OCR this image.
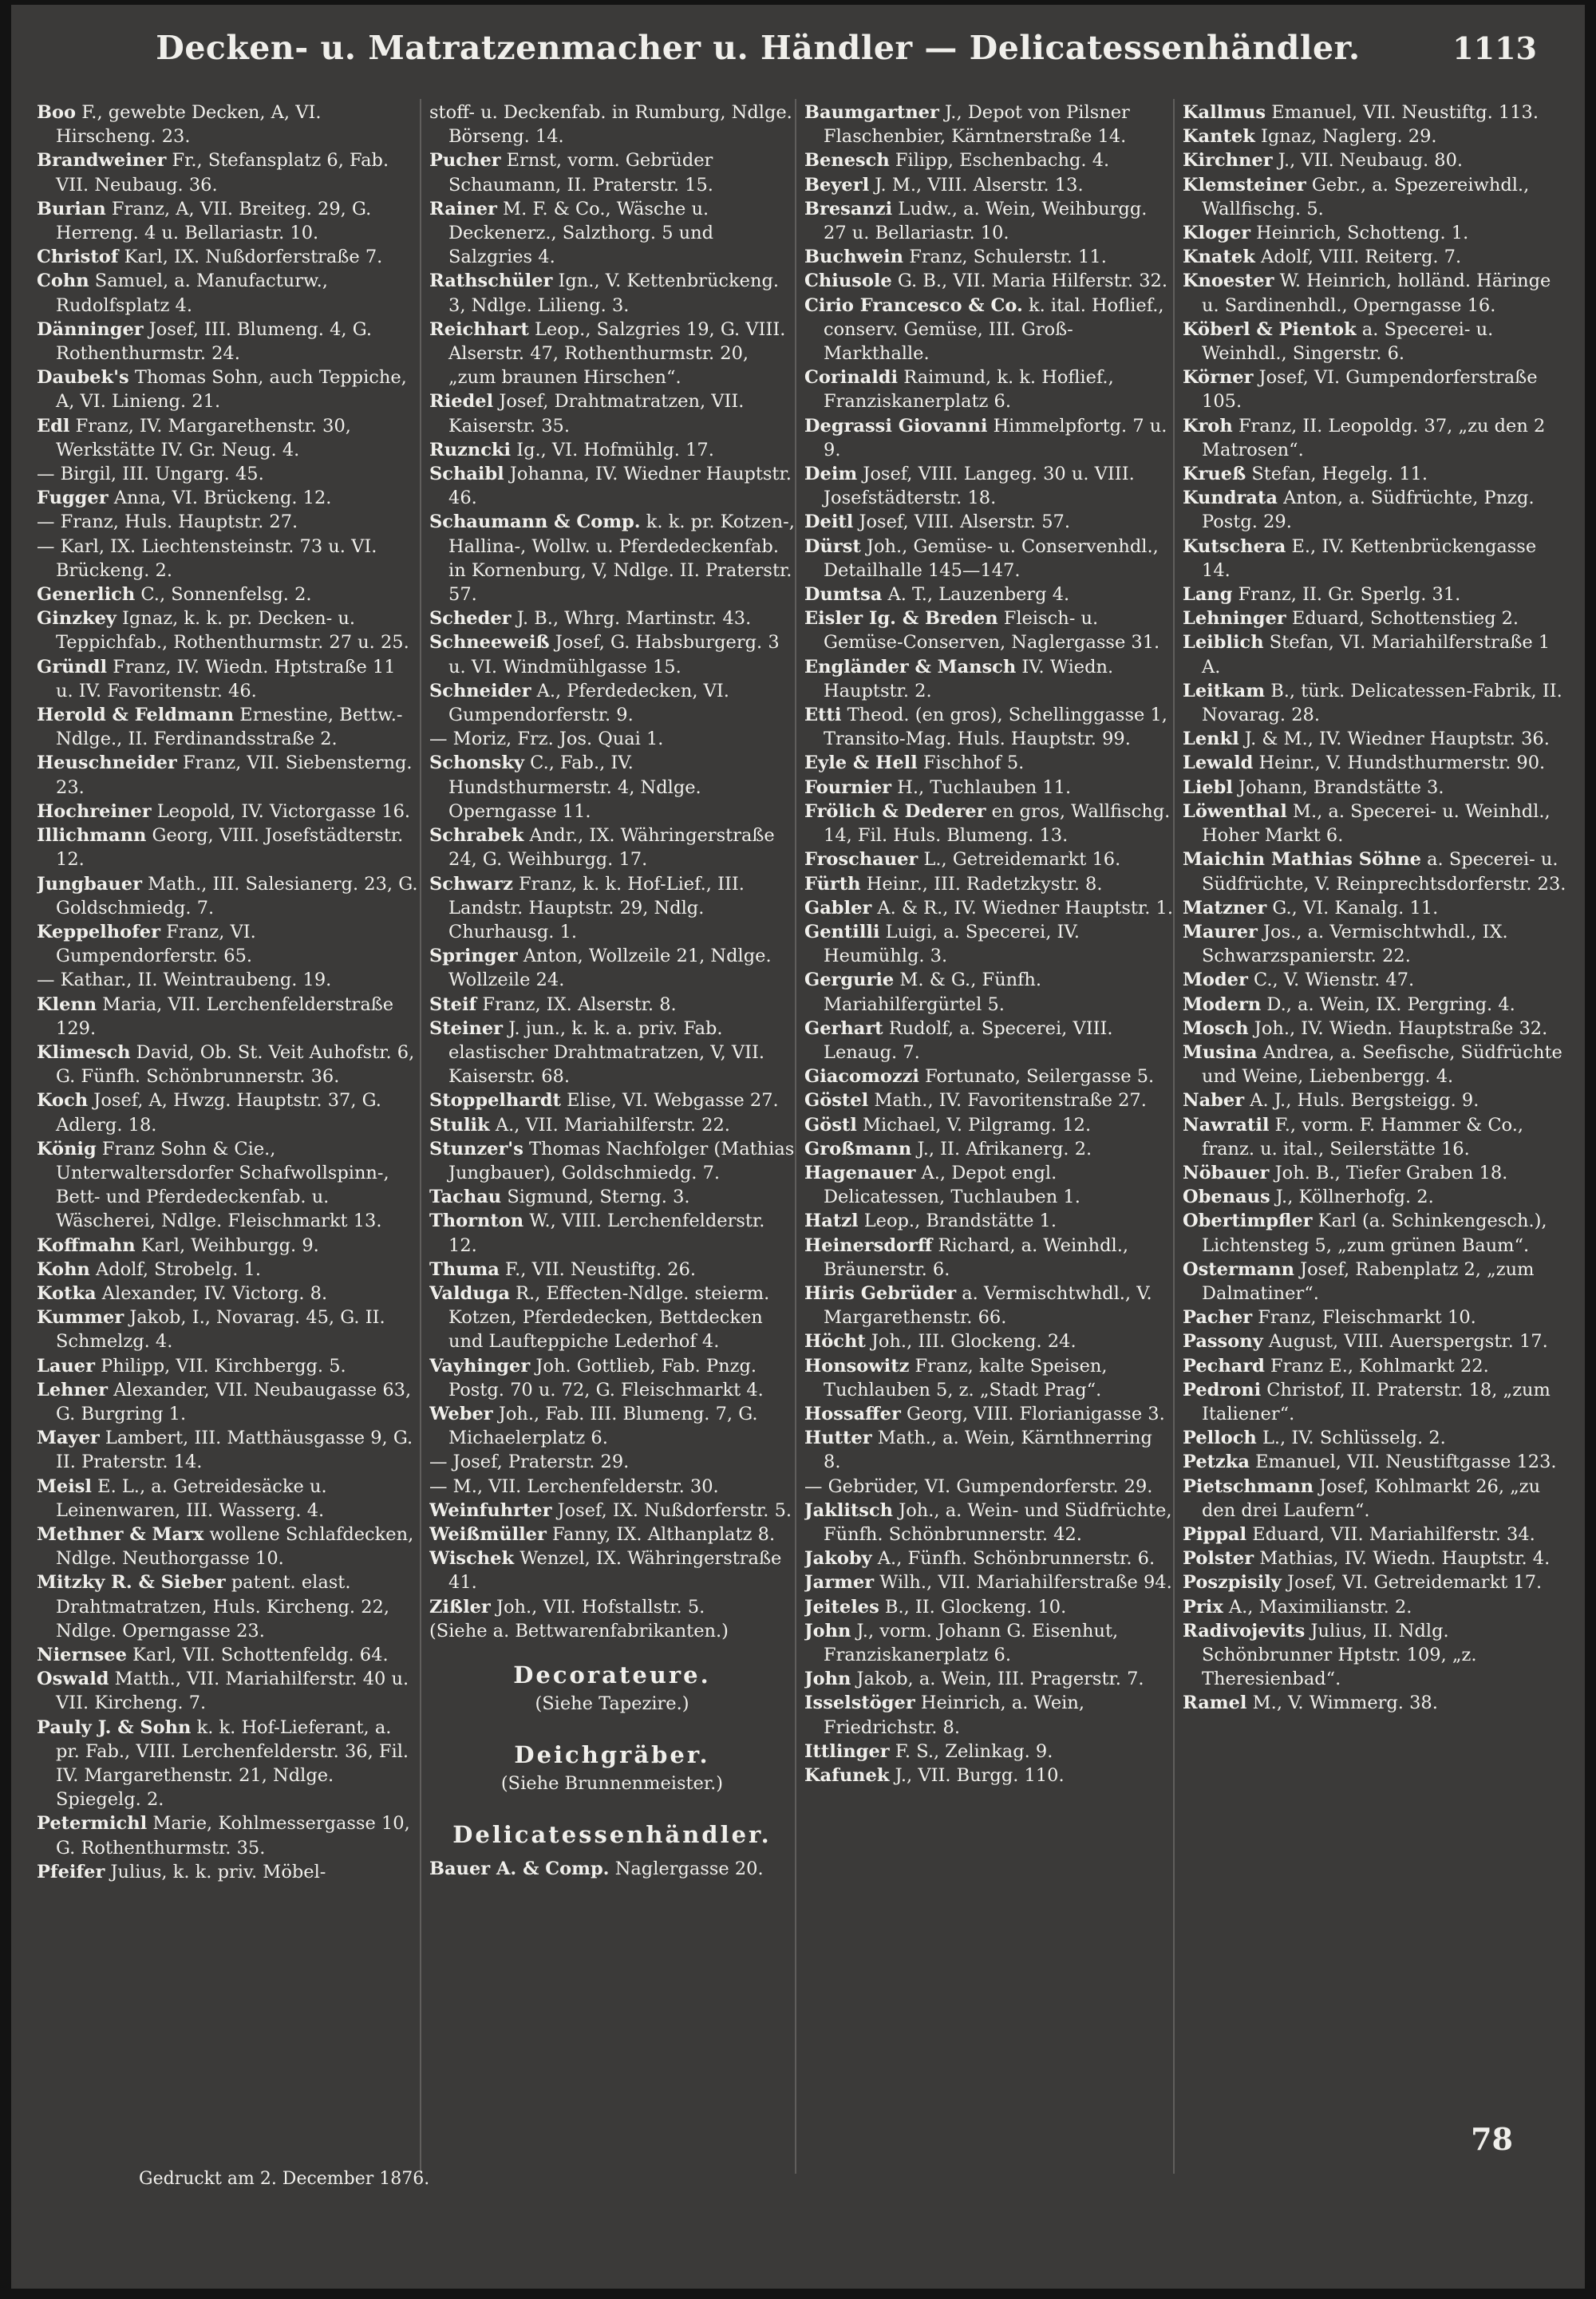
Decken- u. Matratzenmacher u. Händler — Delicatessenhändler.	1113

Boo F., gewebte Decken, A, VI. Hirscheng. 23.

Brandweiner Fr., Stefansplatz 6, Fab. VII. Neubaug. 36.

Burian Franz, A, VII. Breiteg. 29, G. Herreng. 4 u. Bellariastr. 10.

Christof Karl, IX. Nußdorferstraße 7.

Cohn Samuel, a. Manufacturw., Rudolfsplatz 4.

Dänninger Josef, III. Blumeng. 4, G. Rothenthurmstr. 24.

Daubek's Thomas Sohn, auch Teppiche, A, VI. Linieng. 21.

Edl Franz, IV. Margarethenstr. 30, Werkstätte IV. Gr. Neug. 4.

— Birgil, III. Ungarg. 45.

Fugger Anna, VI. Brückeng. 12.

— Franz, Huls. Hauptstr. 27.

— Karl, IX. Liechtensteinstr. 73 u. VI. Brückeng. 2.

Generlich C., Sonnenfelsg. 2.

Ginzkey Ignaz, k. k. pr. Decken- u. Teppichfab., Rothenthurmstr. 27 u. 25.

Gründl Franz, IV. Wiedn. Hptstraße 11 u. IV. Favoritenstr. 46.

Herold & Feldmann Ernestine, Bettw.-Ndlge., II. Ferdinandsstraße 2.

Heuschneider Franz, VII. Siebensterng. 23.

Hochreiner Leopold, IV. Victorgasse 16.

Illichmann Georg, VIII. Josefstädterstr. 12.

Jungbauer Math., III. Salesianerg. 23, G. Goldschmiedg. 7.

Keppelhofer Franz, VI. Gumpendorferstr. 65.

— Kathar., II. Weintraubeng. 19.

Klenn Maria, VII. Lerchenfelderstraße 129.

Klimesch David, Ob. St. Veit Auhofstr. 6, G. Fünfh. Schönbrunnerstr. 36.

Koch Josef, A, Hwzg. Hauptstr. 37, G. Adlerg. 18.

König Franz Sohn & Cie., Unterwaltersdorfer Schafwollspinn-, Bett- und Pferdedeckenfab. u. Wäscherei, Ndlge. Fleischmarkt 13.

Koffmahn Karl, Weihburgg. 9.

Kohn Adolf, Strobelg. 1.

Kotka Alexander, IV. Victorg. 8.

Kummer Jakob, I., Novarag. 45, G. II. Schmelzg. 4.

Lauer Philipp, VII. Kirchbergg. 5.

Lehner Alexander, VII. Neubaugasse 63, G. Burgring 1.

Mayer Lambert, III. Matthäusgasse 9, G. II. Praterstr. 14.

Meisl E. L., a. Getreidesäcke u. Leinenwaren, III. Wasserg. 4.

Methner & Marx wollene Schlafdecken, Ndlge. Neuthorgasse 10.

Mitzky R. & Sieber patent. elast. Drahtmatratzen, Huls. Kircheng. 22, Ndlge. Operngasse 23.

Niernsee Karl, VII. Schottenfeldg. 64.

Oswald Matth., VII. Mariahilferstr. 40 u. VII. Kircheng. 7.

Pauly J. & Sohn k. k. Hof-Lieferant, a. pr. Fab., VIII. Lerchenfelderstr. 36, Fil. IV. Margarethenstr. 21, Ndlge. Spiegelg. 2.

Petermichl Marie, Kohlmessergasse 10, G. Rothenthurmstr. 35.

Pfeifer Julius, k. k. priv. Möbel-

stoff- u. Deckenfab. in Rumburg, Ndlge. Börseng. 14.

Pucher Ernst, vorm. Gebrüder Schaumann, II. Praterstr. 15.

Rainer M. F. & Co., Wäsche u. Deckenerz., Salzthorg. 5 und Salzgries 4.

Rathschüler Ign., V. Kettenbrückeng. 3, Ndlge. Lilieng. 3.

Reichhart Leop., Salzgries 19, G. VIII. Alserstr. 47, Rothenthurmstr. 20, „zum braunen Hirschen“.

Riedel Josef, Drahtmatratzen, VII. Kaiserstr. 35.

Ruzncki Ig., VI. Hofmühlg. 17.

Schaibl Johanna, IV. Wiedner Hauptstr. 46.

Schaumann & Comp. k. k. pr. Kotzen-, Hallina-, Wollw. u. Pferdedeckenfab. in Kornenburg, V, Ndlge. II. Praterstr. 57.

Scheder J. B., Whrg. Martinstr. 43.

Schneeweiß Josef, G. Habsburgerg. 3 u. VI. Windmühlgasse 15.

Schneider A., Pferdedecken, VI. Gumpendorferstr. 9.

— Moriz, Frz. Jos. Quai 1.

Schonsky C., Fab., IV. Hundsthurmerstr. 4, Ndlge. Operngasse 11.

Schrabek Andr., IX. Währingerstraße 24, G. Weihburgg. 17.

Schwarz Franz, k. k. Hof-Lief., III. Landstr. Hauptstr. 29, Ndlg. Churhausg. 1.

Springer Anton, Wollzeile 21, Ndlge. Wollzeile 24.

Steif Franz, IX. Alserstr. 8.

Steiner J. jun., k. k. a. priv. Fab. elastischer Drahtmatratzen, V, VII. Kaiserstr. 68.

Stoppelhardt Elise, VI. Webgasse 27.

Stulik A., VII. Mariahilferstr. 22.

Stunzer's Thomas Nachfolger (Mathias Jungbauer), Goldschmiedg. 7.

Tachau Sigmund, Sterng. 3.

Thornton W., VIII. Lerchenfelderstr. 12.

Thuma F., VII. Neustiftg. 26.

Valduga R., Effecten-Ndlge. steierm. Kotzen, Pferdedecken, Bettdecken und Laufteppiche Lederhof 4.

Vayhinger Joh. Gottlieb, Fab. Pnzg. Postg. 70 u. 72, G. Fleischmarkt 4.

Weber Joh., Fab. III. Blumeng. 7, G. Michaelerplatz 6.

— Josef, Praterstr. 29.

— M., VII. Lerchenfelderstr. 30.

Weinfuhrter Josef, IX. Nußdorferstr. 5.

Weißmüller Fanny, IX. Althanplatz 8.

Wischek Wenzel, IX. Währingerstraße 41.

Zißler Joh., VII. Hofstallstr. 5.

(Siehe a. Bettwarenfabrikanten.)

Decorateure.
(Siehe Tapezire.)
Deichgräber.
(Siehe Brunnenmeister.)
Delicatessenhändler.

Bauer A. & Comp. Naglergasse 20.

Baumgartner J., Depot von Pilsner Flaschenbier, Kärntnerstraße 14.

Benesch Filipp, Eschenbachg. 4.

Beyerl J. M., VIII. Alserstr. 13.

Bresanzi Ludw., a. Wein, Weihburgg. 27 u. Bellariastr. 10.

Buchwein Franz, Schulerstr. 11.

Chiusole G. B., VII. Maria Hilferstr. 32.

Cirio Francesco & Co. k. ital. Hoflief., conserv. Gemüse, III. Groß-Markthalle.

Corinaldi Raimund, k. k. Hoflief., Franziskanerplatz 6.

Degrassi Giovanni Himmelpfortg. 7 u. 9.

Deim Josef, VIII. Langeg. 30 u. VIII. Josefstädterstr. 18.

Deitl Josef, VIII. Alserstr. 57.

Dürst Joh., Gemüse- u. Conservenhdl., Detailhalle 145—147.

Dumtsa A. T., Lauzenberg 4.

Eisler Ig. & Breden Fleisch- u. Gemüse-Conserven, Naglergasse 31.

Engländer & Mansch IV. Wiedn. Hauptstr. 2.

Etti Theod. (en gros), Schellinggasse 1, Transito-Mag. Huls. Hauptstr. 99.

Eyle & Hell Fischhof 5.

Fournier H., Tuchlauben 11.

Frölich & Dederer en gros, Wallfischg. 14, Fil. Huls. Blumeng. 13.

Froschauer L., Getreidemarkt 16.

Fürth Heinr., III. Radetzkystr. 8.

Gabler A. & R., IV. Wiedner Hauptstr. 1.

Gentilli Luigi, a. Specerei, IV. Heumühlg. 3.

Gergurie M. & G., Fünfh. Mariahilfergürtel 5.

Gerhart Rudolf, a. Specerei, VIII. Lenaug. 7.

Giacomozzi Fortunato, Seilergasse 5.

Göstel Math., IV. Favoritenstraße 27.

Göstl Michael, V. Pilgramg. 12.

Großmann J., II. Afrikanerg. 2.

Hagenauer A., Depot engl. Delicatessen, Tuchlauben 1.

Hatzl Leop., Brandstätte 1.

Heinersdorff Richard, a. Weinhdl., Bräunerstr. 6.

Hiris Gebrüder a. Vermischtwhdl., V. Margarethenstr. 66.

Höcht Joh., III. Glockeng. 24.

Honsowitz Franz, kalte Speisen, Tuchlauben 5, z. „Stadt Prag“.

Hossaffer Georg, VIII. Florianigasse 3.

Hutter Math., a. Wein, Kärnthnerring 8.

— Gebrüder, VI. Gumpendorferstr. 29.

Jaklitsch Joh., a. Wein- und Südfrüchte, Fünfh. Schönbrunnerstr. 42.

Jakoby A., Fünfh. Schönbrunnerstr. 6.

Jarmer Wilh., VII. Mariahilferstraße 94.

Jeiteles B., II. Glockeng. 10.

John J., vorm. Johann G. Eisenhut, Franziskanerplatz 6.

John Jakob, a. Wein, III. Pragerstr. 7.

Isselstöger Heinrich, a. Wein, Friedrichstr. 8.

Ittlinger F. S., Zelinkag. 9.

Kafunek J., VII. Burgg. 110.

Kallmus Emanuel, VII. Neustiftg. 113.

Kantek Ignaz, Naglerg. 29.

Kirchner J., VII. Neubaug. 80.

Klemsteiner Gebr., a. Spezereiwhdl., Wallfischg. 5.

Kloger Heinrich, Schotteng. 1.

Knatek Adolf, VIII. Reiterg. 7.

Knoester W. Heinrich, holländ. Häringe u. Sardinenhdl., Operngasse 16.

Köberl & Pientok a. Specerei- u. Weinhdl., Singerstr. 6.

Körner Josef, VI. Gumpendorferstraße 105.

Kroh Franz, II. Leopoldg. 37, „zu den 2 Matrosen“.

Krueß Stefan, Hegelg. 11.

Kundrata Anton, a. Südfrüchte, Pnzg. Postg. 29.

Kutschera E., IV. Kettenbrückengasse 14.

Lang Franz, II. Gr. Sperlg. 31.

Lehninger Eduard, Schottenstieg 2.

Leiblich Stefan, VI. Mariahilferstraße 1 A.

Leitkam B., türk. Delicatessen-Fabrik, II. Novarag. 28.

Lenkl J. & M., IV. Wiedner Hauptstr. 36.

Lewald Heinr., V. Hundsthurmerstr. 90.

Liebl Johann, Brandstätte 3.

Löwenthal M., a. Specerei- u. Weinhdl., Hoher Markt 6.

Maichin Mathias Söhne a. Specerei- u. Südfrüchte, V. Reinprechtsdorferstr. 23.

Matzner G., VI. Kanalg. 11.

Maurer Jos., a. Vermischtwhdl., IX. Schwarzspanierstr. 22.

Moder C., V. Wienstr. 47.

Modern D., a. Wein, IX. Pergring. 4.

Mosch Joh., IV. Wiedn. Hauptstraße 32.

Musina Andrea, a. Seefische, Südfrüchte und Weine, Liebenbergg. 4.

Naber A. J., Huls. Bergsteigg. 9.

Nawratil F., vorm. F. Hammer & Co., franz. u. ital., Seilerstätte 16.

Nöbauer Joh. B., Tiefer Graben 18.

Obenaus J., Köllnerhofg. 2.

Obertimpfler Karl (a. Schinkengesch.), Lichtensteg 5, „zum grünen Baum“.

Ostermann Josef, Rabenplatz 2, „zum Dalmatiner“.

Pacher Franz, Fleischmarkt 10.

Passony August, VIII. Auerspergstr. 17.

Pechard Franz E., Kohlmarkt 22.

Pedroni Christof, II. Praterstr. 18, „zum Italiener“.

Pelloch L., IV. Schlüsselg. 2.

Petzka Emanuel, VII. Neustiftgasse 123.

Pietschmann Josef, Kohlmarkt 26, „zu den drei Laufern“.

Pippal Eduard, VII. Mariahilferstr. 34.

Polster Mathias, IV. Wiedn. Hauptstr. 4.

Poszpisily Josef, VI. Getreidemarkt 17.

Prix A., Maximilianstr. 2.

Radivojevits Julius, II. Ndlg. Schönbrunner Hptstr. 109, „z. Theresienbad“.

Ramel M., V. Wimmerg. 38.

78
Gedruckt am 2. December 1876.
